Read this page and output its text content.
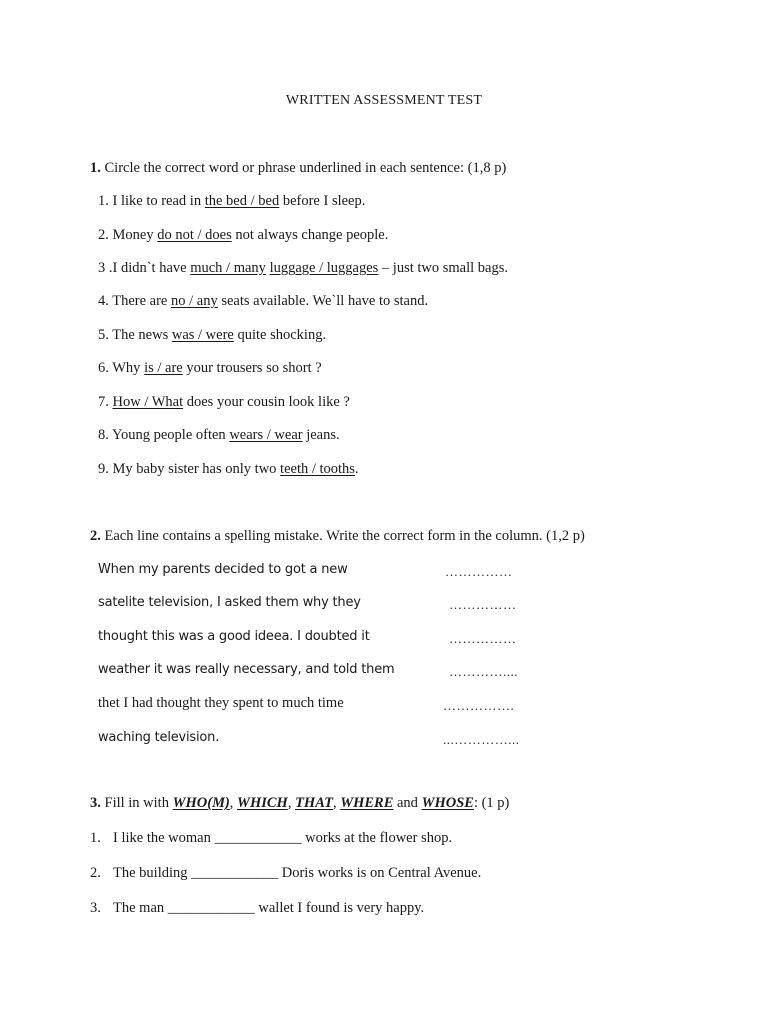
WRITTEN ASSESSMENT TEST
1. Circle the correct word or phrase underlined in each sentence: (1,8 p)
1. I like to read in the bed / bed before I sleep.
2. Money do not / does not always change people.
3 .I didn`t have much / many luggage / luggages – just two small bags.
4. There are no / any seats available. We`ll have to stand.
5. The news was / were quite shocking.
6. Why is / are your trousers so short ?
7. How / What does your cousin look like ?
8. Young people often wears / wear jeans.
9. My baby sister has only two teeth / tooths.
2. Each line contains a spelling mistake. Write the correct form in the column. (1,2 p)
When my parents decided to got a new	……………
satelite television, I asked them why they	……………
thought this was a good ideea. I doubted it	……………
weather it was really necessary, and told them	…………....
thet I had thought they spent to much time	…………….
waching television.	...…………...
3. Fill in with WHO(M), WHICH, THAT, WHERE and WHOSE: (1 p)
1. I like the woman ____________ works at the flower shop.
2. The building ____________ Doris works is on Central Avenue.
3. The man ____________ wallet I found is very happy.
